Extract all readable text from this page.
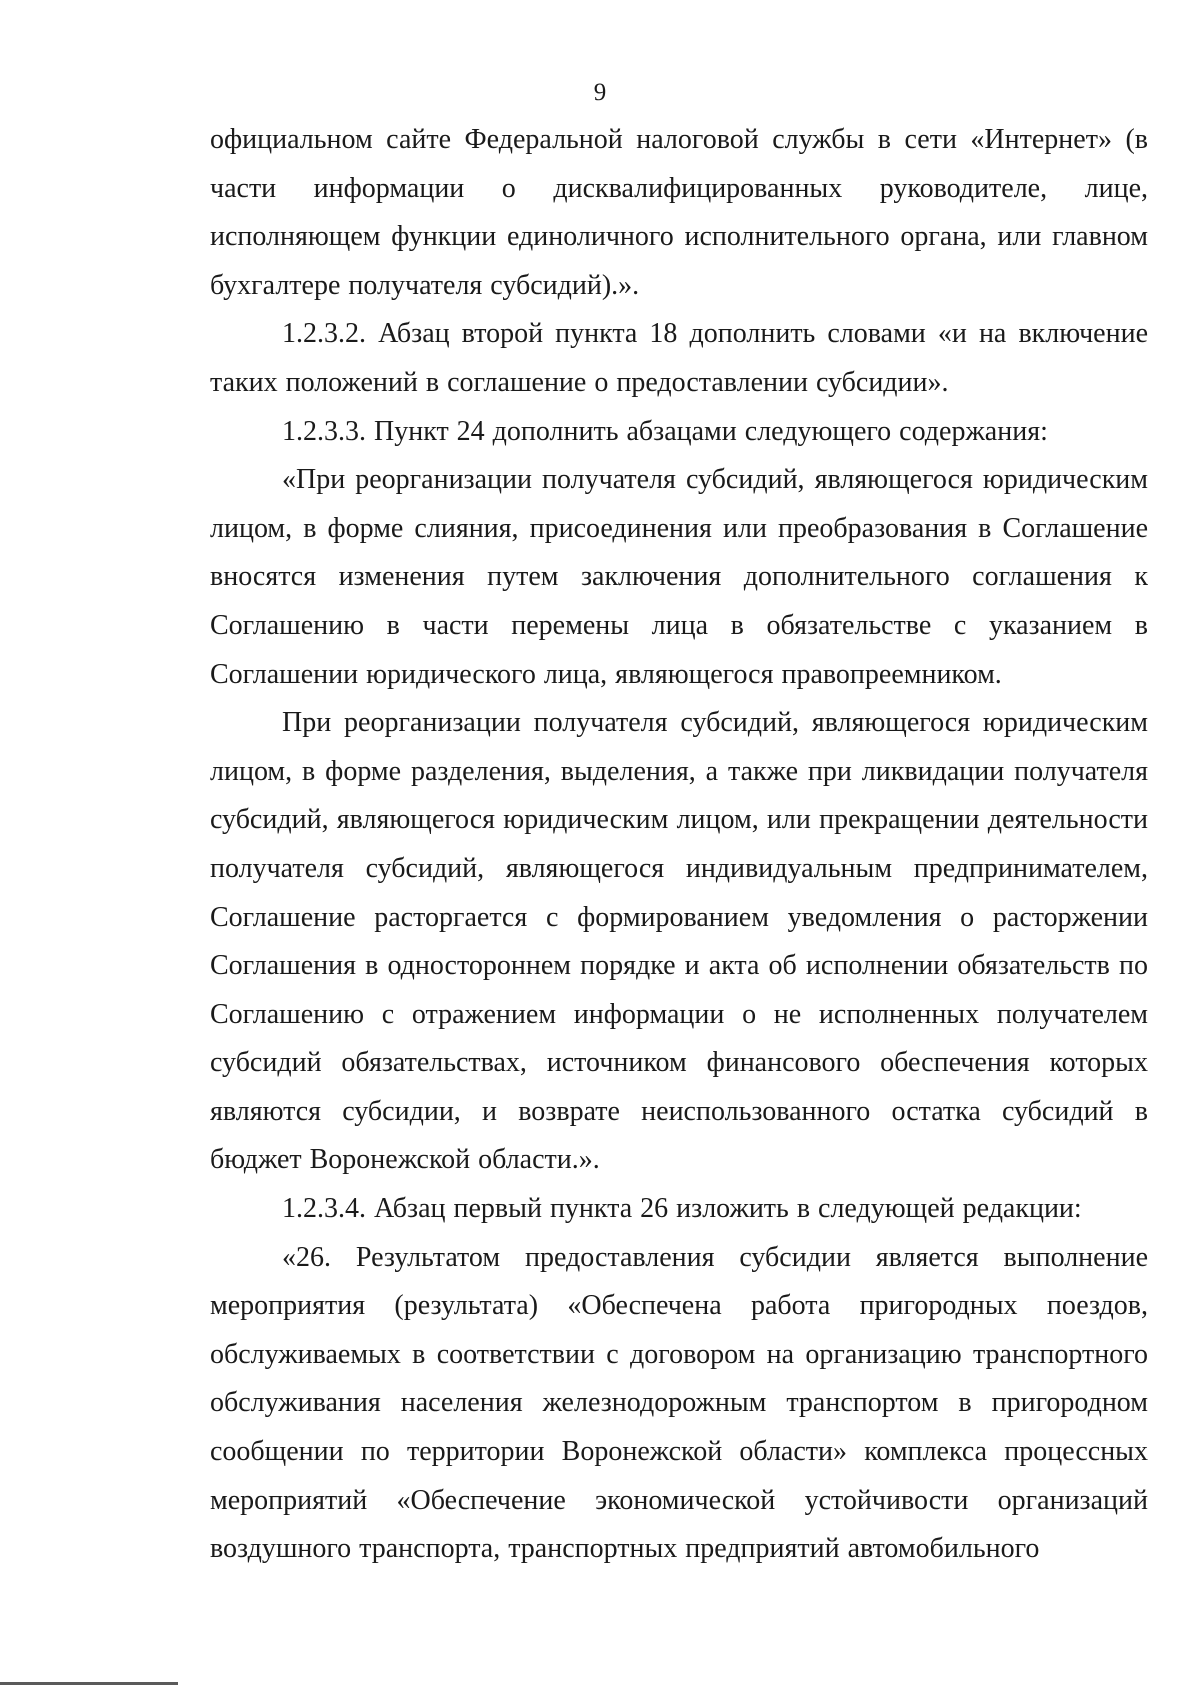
9

официальном сайте Федеральной налоговой службы в сети «Интернет» (в части информации о дисквалифицированных руководителе, лице, исполняющем функции единоличного исполнительного органа, или главном бухгалтере получателя субсидий).».

1.2.3.2. Абзац второй пункта 18 дополнить словами «и на включение таких положений в соглашение о предоставлении субсидии».

1.2.3.3. Пункт 24 дополнить абзацами следующего содержания:

«При реорганизации получателя субсидий, являющегося юридическим лицом, в форме слияния, присоединения или преобразования в Соглашение вносятся изменения путем заключения дополнительного соглашения к Соглашению в части перемены лица в обязательстве с указанием в Соглашении юридического лица, являющегося правопреемником.

При реорганизации получателя субсидий, являющегося юридическим лицом, в форме разделения, выделения, а также при ликвидации получателя субсидий, являющегося юридическим лицом, или прекращении деятельности получателя субсидий, являющегося индивидуальным предпринимателем, Соглашение расторгается с формированием уведомления о расторжении Соглашения в одностороннем порядке и акта об исполнении обязательств по Соглашению с отражением информации о не исполненных получателем субсидий обязательствах, источником финансового обеспечения которых являются субсидии, и возврате неиспользованного остатка субсидий в бюджет Воронежской области.».

1.2.3.4. Абзац первый пункта 26 изложить в следующей редакции:

«26. Результатом предоставления субсидии является выполнение мероприятия (результата) «Обеспечена работа пригородных поездов, обслуживаемых в соответствии с договором на организацию транспортного обслуживания населения железнодорожным транспортом в пригородном сообщении по территории Воронежской области» комплекса процессных мероприятий «Обеспечение экономической устойчивости организаций воздушного транспорта, транспортных предприятий автомобильного
